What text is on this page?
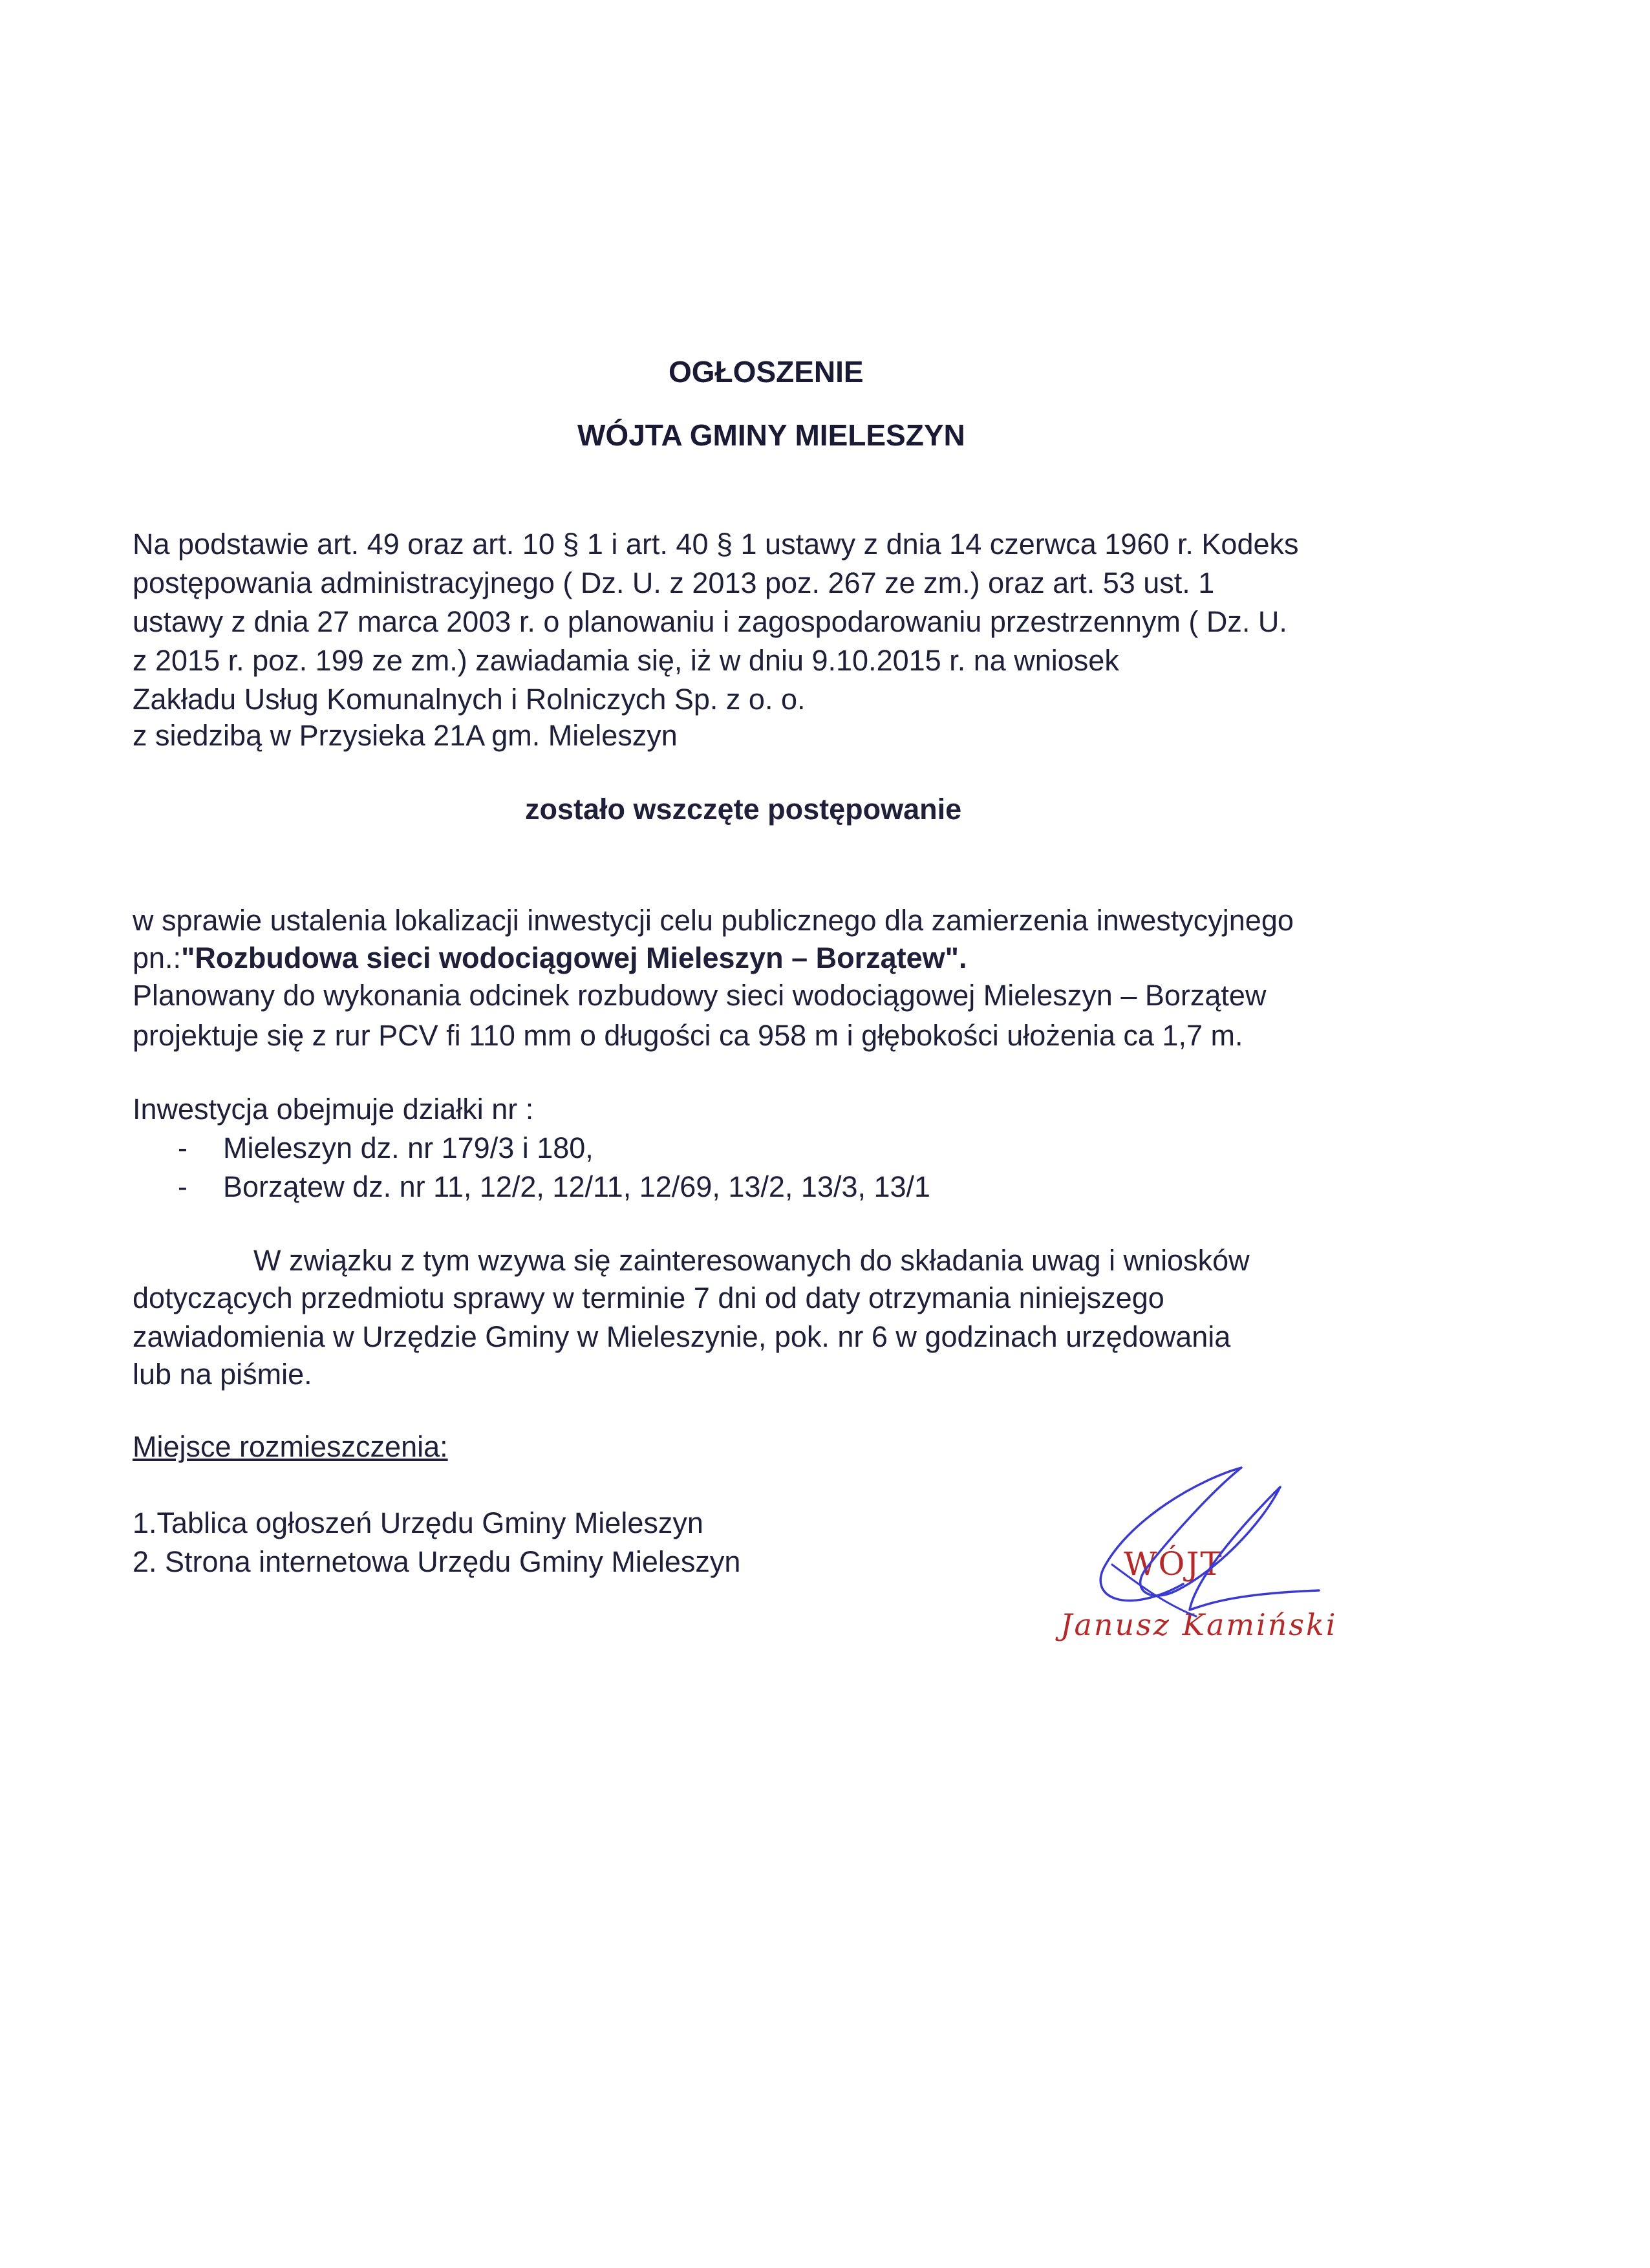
OGŁOSZENIE
WÓJTA GMINY MIELESZYN
Na podstawie art. 49 oraz art. 10 § 1 i art. 40 § 1 ustawy z dnia 14 czerwca 1960 r. Kodeks
postępowania administracyjnego ( Dz. U. z 2013 poz. 267 ze zm.) oraz art. 53 ust. 1
ustawy z dnia 27 marca 2003 r. o planowaniu i zagospodarowaniu przestrzennym ( Dz. U.
z 2015 r. poz. 199 ze zm.) zawiadamia się, iż w dniu 9.10.2015 r. na wniosek
Zakładu Usług Komunalnych i Rolniczych Sp. z o. o.
z siedzibą w Przysieka 21A gm. Mieleszyn
zostało wszczęte postępowanie
w sprawie ustalenia lokalizacji inwestycji celu publicznego dla zamierzenia inwestycyjnego
pn.:"Rozbudowa sieci wodociągowej Mieleszyn – Borzątew".
Planowany do wykonania odcinek rozbudowy sieci wodociągowej Mieleszyn – Borzątew
projektuje się z rur PCV fi 110 mm o długości ca 958 m i głębokości ułożenia ca 1,7 m.
Inwestycja obejmuje działki nr :
- Mieleszyn dz. nr 179/3 i 180,
- Borzątew dz. nr 11, 12/2, 12/11, 12/69, 13/2, 13/3, 13/1
W związku z tym wzywa się zainteresowanych do składania uwag i wniosków
dotyczących przedmiotu sprawy w terminie 7 dni od daty otrzymania niniejszego
zawiadomienia w Urzędzie Gminy w Mieleszynie, pok. nr 6 w godzinach urzędowania
lub na piśmie.
Miejsce rozmieszczenia:
1.Tablica ogłoszeń Urzędu Gminy Mieleszyn
2. Strona internetowa Urzędu Gminy Mieleszyn	WÓJT
Janusz Kamiński
